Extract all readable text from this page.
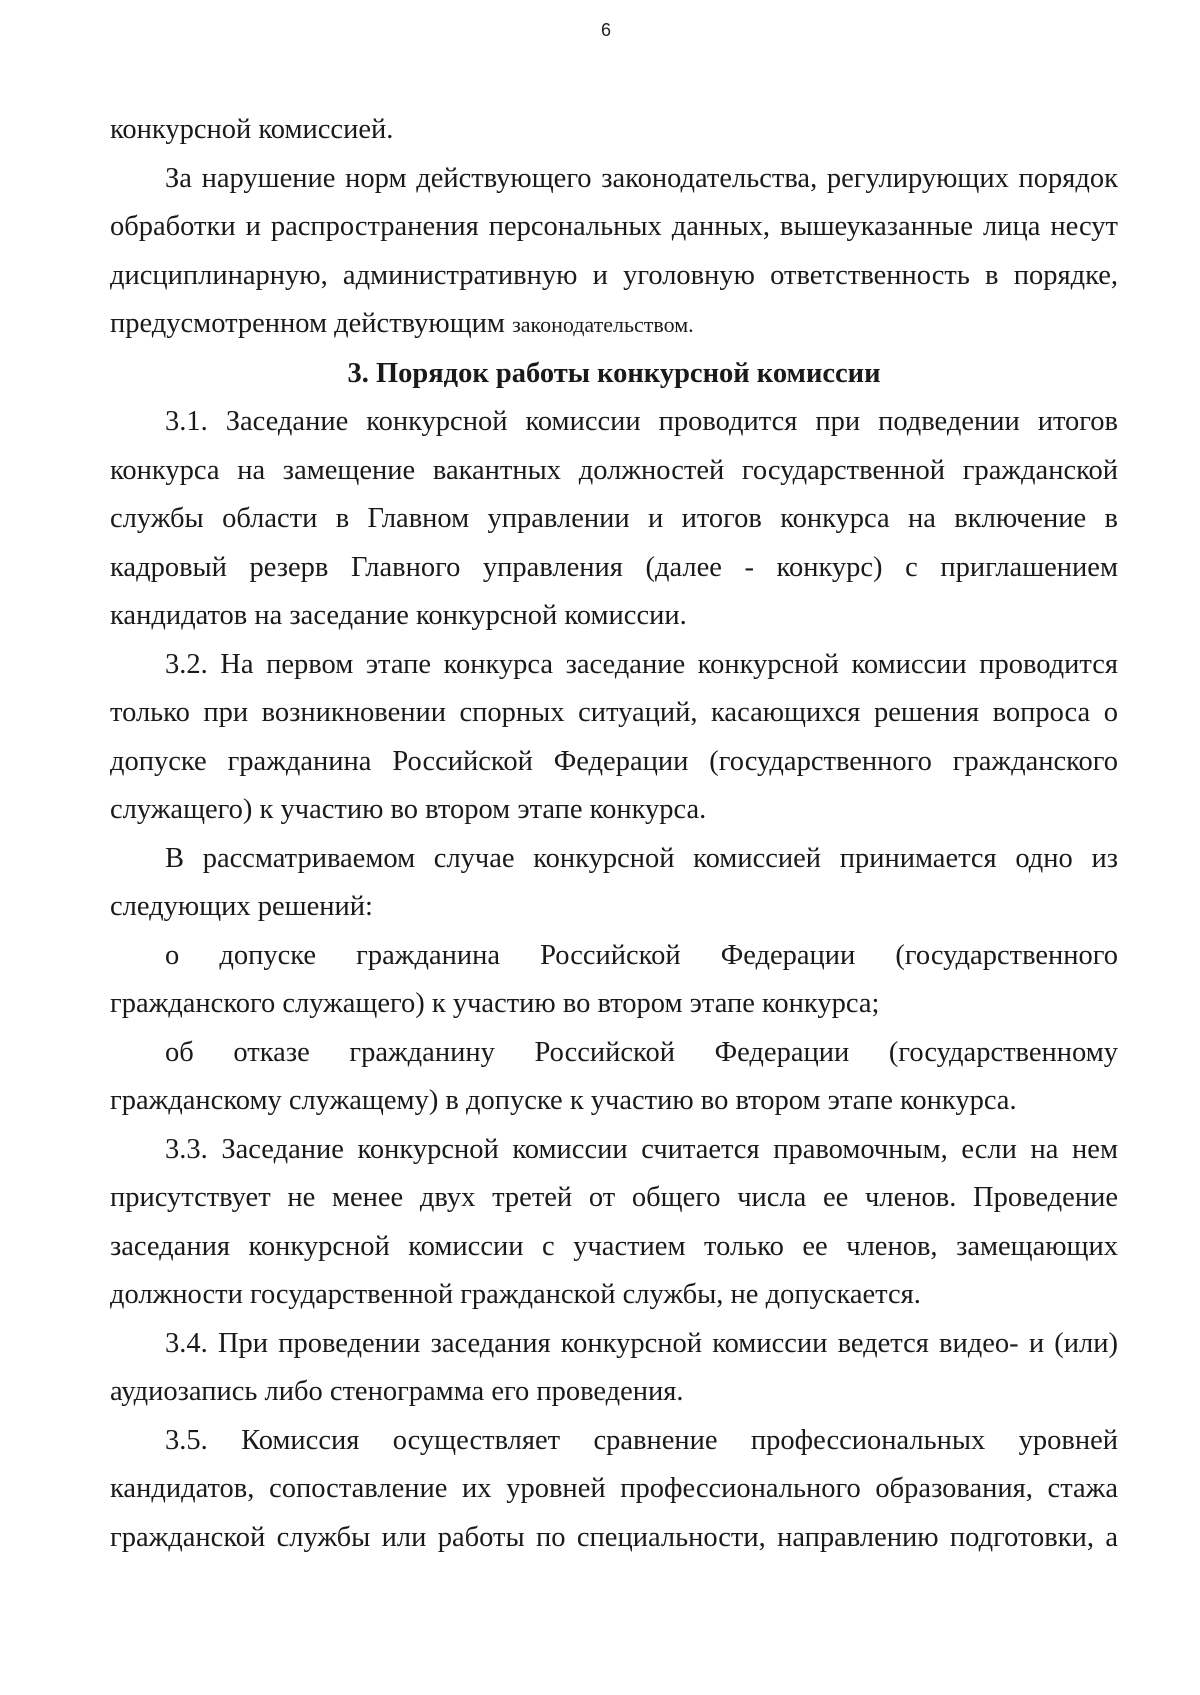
6

конкурсной комиссией.

За нарушение норм действующего законодательства, регулирующих порядок обработки и распространения персональных данных, вышеуказанные лица несут дисциплинарную, административную и уголовную ответственность в порядке, предусмотренном действующим законодательством.

3. Порядок работы конкурсной комиссии

3.1. Заседание конкурсной комиссии проводится при подведении итогов конкурса на замещение вакантных должностей государственной гражданской службы области в Главном управлении и итогов конкурса на включение в кадровый резерв Главного управления (далее - конкурс) с приглашением кандидатов на заседание конкурсной комиссии.

3.2. На первом этапе конкурса заседание конкурсной комиссии проводится только при возникновении спорных ситуаций, касающихся решения вопроса о допуске гражданина Российской Федерации (государственного гражданского служащего) к участию во втором этапе конкурса.

В рассматриваемом случае конкурсной комиссией принимается одно из следующих решений:

о допуске гражданина Российской Федерации (государственного гражданского служащего) к участию во втором этапе конкурса;

об отказе гражданину Российской Федерации (государственному гражданскому служащему) в допуске к участию во втором этапе конкурса.

3.3. Заседание конкурсной комиссии считается правомочным, если на нем присутствует не менее двух третей от общего числа ее членов. Проведение заседания конкурсной комиссии с участием только ее членов, замещающих должности государственной гражданской службы, не допускается.

3.4. При проведении заседания конкурсной комиссии ведется видео- и (или) аудиозапись либо стенограмма его проведения.

3.5. Комиссия осуществляет сравнение профессиональных уровней кандидатов, сопоставление их уровней профессионального образования, стажа гражданской службы или работы по специальности, направлению подготовки, а
